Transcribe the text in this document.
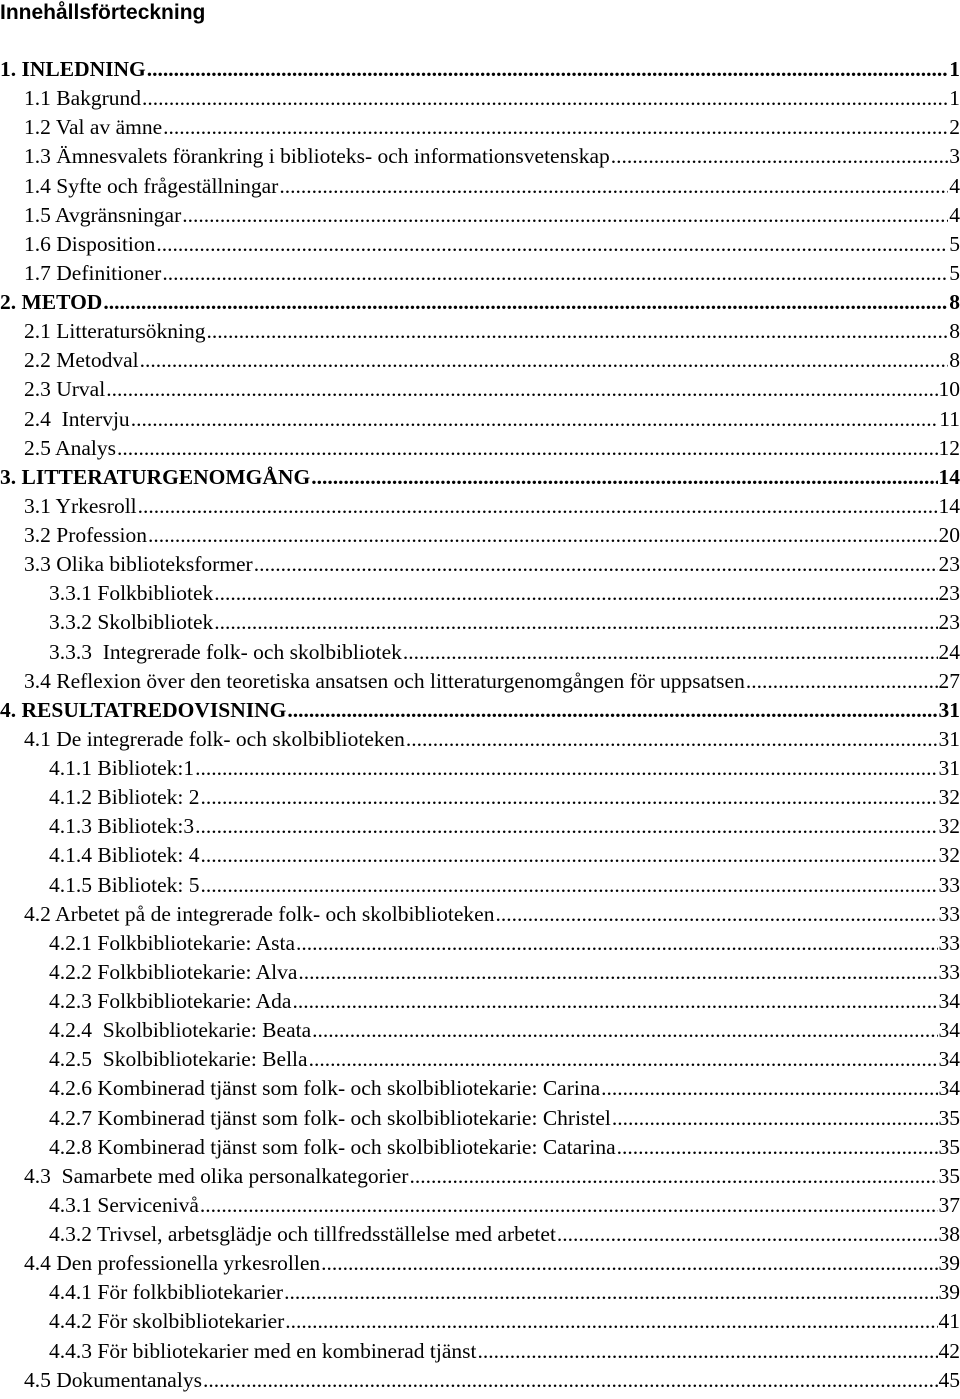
Innehållsförteckning
1. INLEDNING .....	1
1.1 Bakgrund .....	1
1.2 Val av ämne .....	2
1.3 Ämnesvalets förankring i biblioteks- och informationsvetenskap .....	3
1.4 Syfte och frågeställningar .....	4
1.5 Avgränsningar .....	4
1.6 Disposition .....	5
1.7 Definitioner .....	5
2. METOD .....	8
2.1 Litteratursökning .....	8
2.2 Metodval .....	8
2.3 Urval .....	10
2.4  Intervju .....	11
2.5 Analys .....	12
3. LITTERATURGENOMGÅNG .....	14
3.1 Yrkesroll .....	14
3.2 Profession .....	20
3.3 Olika biblioteksformer .....	23
3.3.1 Folkbibliotek .....	23
3.3.2 Skolbibliotek .....	23
3.3.3  Integrerade folk- och skolbibliotek .....	24
3.4 Reflexion över den teoretiska ansatsen och litteraturgenomgången för uppsatsen .....	27
4. RESULTATREDOVISNING .....	31
4.1 De integrerade folk- och skolbiblioteken .....	31
4.1.1 Bibliotek:1 .....	31
4.1.2 Bibliotek: 2 .....	32
4.1.3 Bibliotek:3 .....	32
4.1.4 Bibliotek: 4 .....	32
4.1.5 Bibliotek: 5 .....	33
4.2 Arbetet på de integrerade folk- och skolbiblioteken .....	33
4.2.1 Folkbibliotekarie: Asta .....	33
4.2.2 Folkbibliotekarie: Alva .....	33
4.2.3 Folkbibliotekarie: Ada .....	34
4.2.4  Skolbibliotekarie: Beata .....	34
4.2.5  Skolbibliotekarie: Bella .....	34
4.2.6 Kombinerad tjänst som folk- och skolbibliotekarie: Carina .....	34
4.2.7 Kombinerad tjänst som folk- och skolbibliotekarie: Christel .....	35
4.2.8 Kombinerad tjänst som folk- och skolbibliotekarie: Catarina .....	35
4.3  Samarbete med olika personalkategorier .....	35
4.3.1 Servicenivå .....	37
4.3.2 Trivsel, arbetsglädje och tillfredsställelse med arbetet .....	38
4.4 Den professionella yrkesrollen .....	39
4.4.1 För folkbibliotekarier .....	39
4.4.2 För skolbibliotekarier .....	41
4.4.3 För bibliotekarier med en kombinerad tjänst .....	42
4.5 Dokumentanalys .....	45
